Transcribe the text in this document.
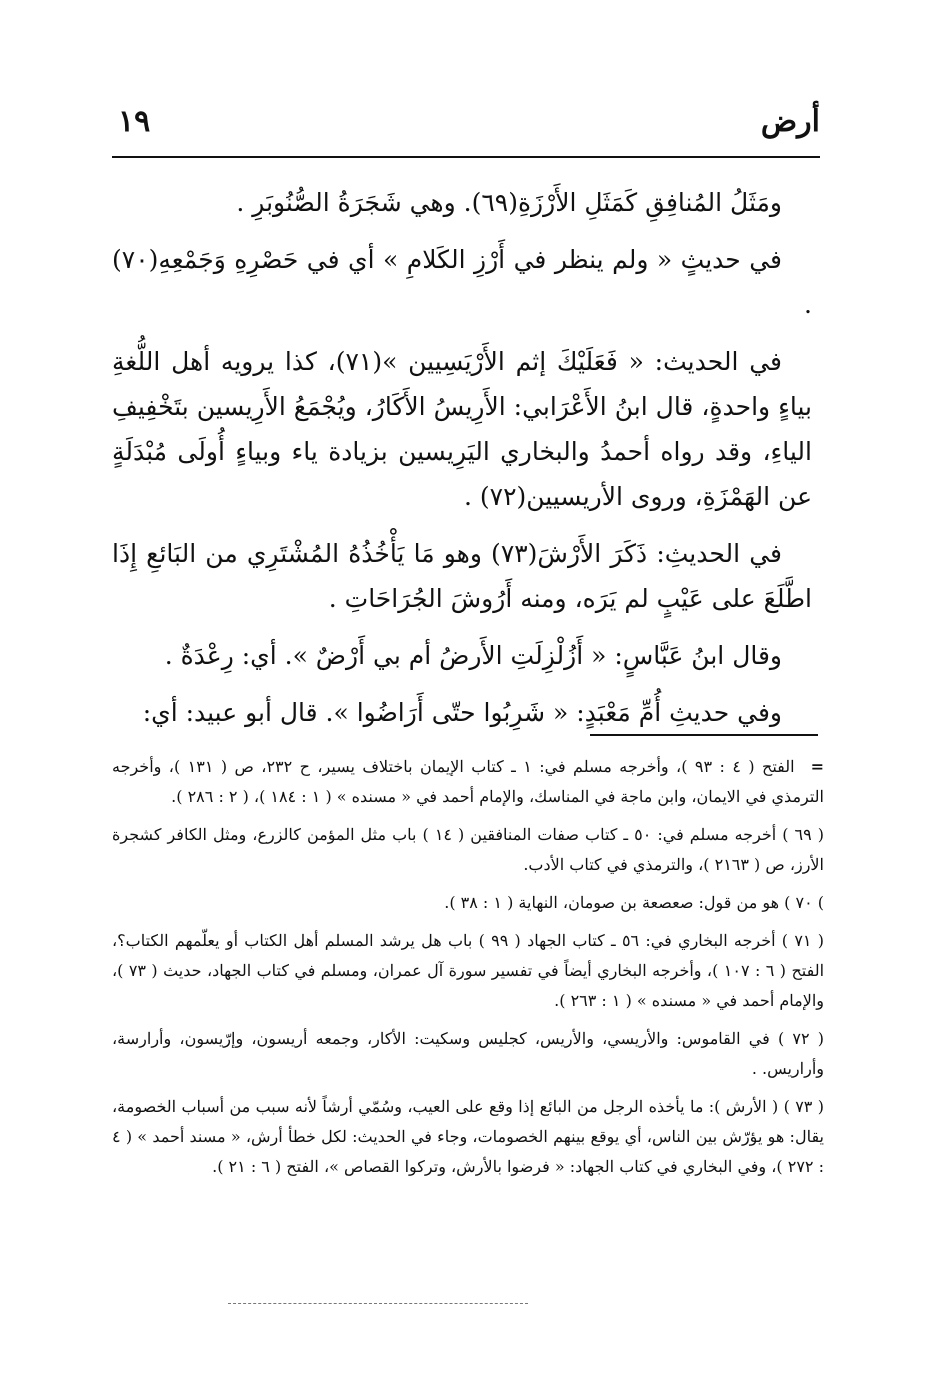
أرض
١٩

ومَثَلُ المُنافِقِ كَمَثَلِ الأَرْزَةِ(٦٩). وهي شَجَرَةُ الصُّنُوبَرِ .

في حديثٍ « ولم ينظر في أَرْزِ الكَلامِ » أي في حَصْرِهِ وَجَمْعِهِ(٧٠) .

في الحديث: « فَعَلَيْكَ إثم الأَرْيَسِيين »(٧١)، كذا يرويه أهل اللُّغةِ بياءٍ واحدةٍ، قال ابنُ الأَعْرَابي: الأَرِيسُ الأَكَارُ، ويُجْمَعُ الأَرِيسين بتَخْفِيفِ الياءِ، وقد رواه أحمدُ والبخاري اليَرِيسين بزيادة ياء وبياءٍ أُولَى مُبْدَلَةٍ عن الهَمْزَةِ، وروى الأريسيين(٧٢) .

في الحديثِ: ذَكَرَ الأَرْشَ(٧٣) وهو مَا يَأْخُذُهُ المُشْتَرِي من البَائعِ إِذَا اطَّلَعَ على عَيْبٍ لم يَرَه، ومنه أَرُوشَ الجُرَاحَاتِ .

وقال ابنُ عَبَّاسٍ: « أَزُلْزِلَتِ الأَرضُ أم بي أَرْضٌ ». أي: رِعْدَةٌ .

وفي حديثِ أُمِّ مَعْبَدٍ: « شَرِبُوا حتّى أَرَاضُوا ». قال أبو عبيد: أي:

= الفتح ( ٤ : ٩٣ )، وأخرجه مسلم في: ١ ـ كتاب الإيمان باختلاف يسير، ح ٢٣٢، ص ( ١٣١ )، وأخرجه الترمذي في الايمان، وابن ماجة في المناسك، والإمام أحمد في « مسنده » ( ١ : ١٨٤ )، ( ٢ : ٢٨٦ ).

( ٦٩ ) أخرجه مسلم في: ٥٠ ـ كتاب صفات المنافقين ( ١٤ ) باب مثل المؤمن كالزرع، ومثل الكافر كشجرة الأرز، ص ( ٢١٦٣ )، والترمذي في كتاب الأدب.

) ٧٠ ) هو من قول: صعصعة بن صومان، النهاية ( ١ : ٣٨ ).

( ٧١ ) أخرجه البخاري في: ٥٦ ـ كتاب الجهاد ( ٩٩ ) باب هل يرشد المسلم أهل الكتاب أو يعلّمهم الكتاب؟، الفتح ( ٦ : ١٠٧ )، وأخرجه البخاري أيضاً في تفسير سورة آل عمران، ومسلم في كتاب الجهاد، حديث ( ٧٣ )، والإمام أحمد في « مسنده » ( ١ : ٢٦٣ ).

( ٧٢ ) في القاموس: والأريسي، والأريس، كجليس وسكيت: الأكار، وجمعه أريسون، وإرّيسون، وأرارسة، وأراريس. .

( ٧٣ ) ( الأرش ): ما يأخذه الرجل من البائع إذا وقع على العيب، وسُمّي أرشاً لأنه سبب من أسباب الخصومة، يقال: هو يؤرّش بين الناس، أي يوقع بينهم الخصومات، وجاء في الحديث: لكل خطأ أرش، « مسند أحمد » ( ٤ : ٢٧٢ )، وفي البخاري في كتاب الجهاد: « فرضوا بالأرش، وتركوا القصاص »، الفتح ( ٦ : ٢١ ).
